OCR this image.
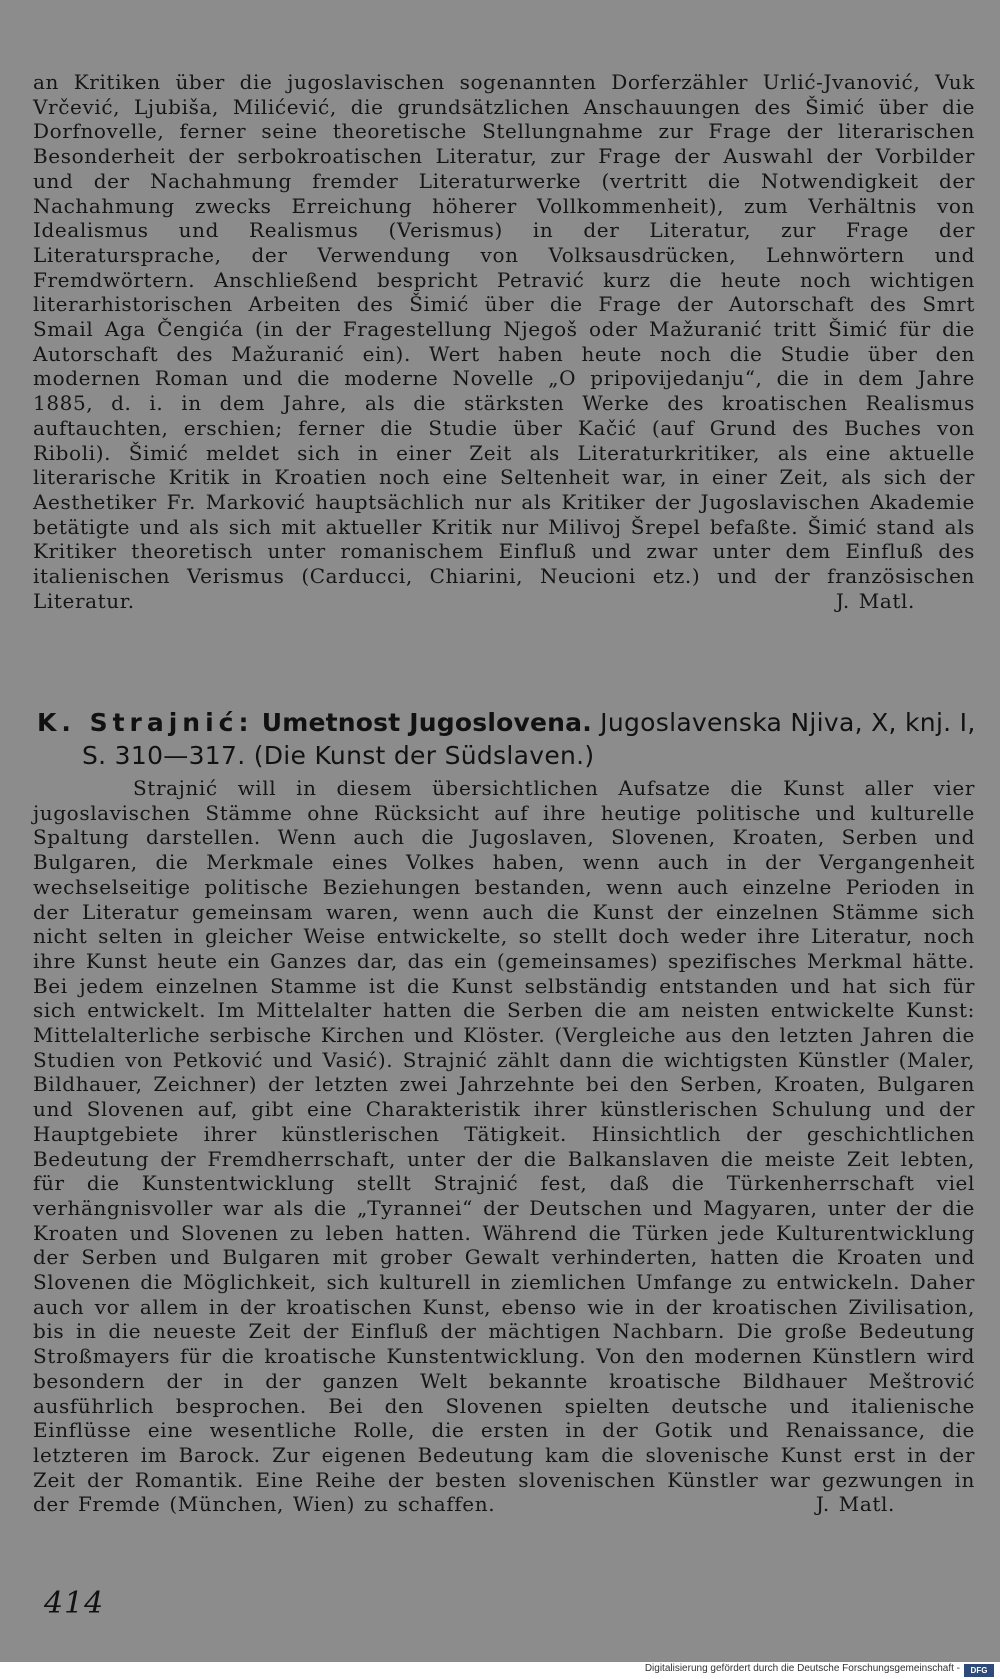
an Kritiken über die jugoslavischen sogenannten Dorferzähler Urlić-Jvanović, Vuk Vrčević, Ljubiša, Milićević, die grundsätzlichen Anschauungen des Šimić über die Dorfnovelle, ferner seine theoretische Stellungnahme zur Frage der literarischen Besonderheit der serbokroatischen Literatur, zur Frage der Auswahl der Vorbilder und der Nachahmung fremder Literaturwerke (vertritt die Notwendigkeit der Nachahmung zwecks Erreichung höherer Vollkommenheit), zum Verhältnis von Idealismus und Realismus (Verismus) in der Literatur, zur Frage der Literatursprache, der Verwendung von Volksausdrücken, Lehnwörtern und Fremdwörtern. Anschließend bespricht Petravić kurz die heute noch wichtigen literarhistorischen Arbeiten des Šimić über die Frage der Autorschaft des Smrt Smail Aga Čengića (in der Fragestellung Njegoš oder Mažuranić tritt Šimić für die Autorschaft des Mažuranić ein). Wert haben heute noch die Studie über den modernen Roman und die moderne Novelle „O pripovijedanju“, die in dem Jahre 1885, d. i. in dem Jahre, als die stärksten Werke des kroatischen Realismus auftauchten, erschien; ferner die Studie über Kačić (auf Grund des Buches von Riboli). Šimić meldet sich in einer Zeit als Literaturkritiker, als eine aktuelle literarische Kritik in Kroatien noch eine Seltenheit war, in einer Zeit, als sich der Aesthetiker Fr. Marković hauptsächlich nur als Kritiker der Jugoslavischen Akademie betätigte und als sich mit aktueller Kritik nur Milivoj Šrepel befaßte. Šimić stand als Kritiker theoretisch unter romanischem Einfluß und zwar unter dem Einfluß des italienischen Verismus (Carducci, Chiarini, Neucioni etz.) und der französischen Literatur.	J. Matl.

K. Strajnić: Umetnost Jugoslovena. Jugoslavenska Njiva, X, knj. I,
S. 310—317. (Die Kunst der Südslaven.)

Strajnić will in diesem übersichtlichen Aufsatze die Kunst aller vier jugoslavischen Stämme ohne Rücksicht auf ihre heutige politische und kulturelle Spaltung darstellen. Wenn auch die Jugoslaven, Slovenen, Kroaten, Serben und Bulgaren, die Merkmale eines Volkes haben, wenn auch in der Vergangenheit wechselseitige politische Beziehungen bestanden, wenn auch einzelne Perioden in der Literatur gemeinsam waren, wenn auch die Kunst der einzelnen Stämme sich nicht selten in gleicher Weise entwickelte, so stellt doch weder ihre Literatur, noch ihre Kunst heute ein Ganzes dar, das ein (gemeinsames) spezifisches Merkmal hätte. Bei jedem einzelnen Stamme ist die Kunst selbständig entstanden und hat sich für sich entwickelt. Im Mittelalter hatten die Serben die am neisten entwickelte Kunst: Mittelalterliche serbische Kirchen und Klöster. (Vergleiche aus den letzten Jahren die Studien von Petković und Vasić). Strajnić zählt dann die wichtigsten Künstler (Maler, Bildhauer, Zeichner) der letzten zwei Jahrzehnte bei den Serben, Kroaten, Bulgaren und Slovenen auf, gibt eine Charakteristik ihrer künstlerischen Schulung und der Hauptgebiete ihrer künstlerischen Tätigkeit. Hinsichtlich der geschichtlichen Bedeutung der Fremdherrschaft, unter der die Balkanslaven die meiste Zeit lebten, für die Kunstentwicklung stellt Strajnić fest, daß die Türkenherrschaft viel verhängnisvoller war als die „Tyrannei“ der Deutschen und Magyaren, unter der die Kroaten und Slovenen zu leben hatten. Während die Türken jede Kulturentwicklung der Serben und Bulgaren mit grober Gewalt verhinderten, hatten die Kroaten und Slovenen die Möglichkeit, sich kulturell in ziemlichen Umfange zu entwickeln. Daher auch vor allem in der kroatischen Kunst, ebenso wie in der kroatischen Zivilisation, bis in die neueste Zeit der Einfluß der mächtigen Nachbarn. Die große Bedeutung Stroßmayers für die kroatische Kunstentwicklung. Von den modernen Künstlern wird besondern der in der ganzen Welt bekannte kroatische Bildhauer Meštrović ausführlich besprochen. Bei den Slovenen spielten deutsche und italienische Einflüsse eine wesentliche Rolle, die ersten in der Gotik und Renaissance, die letzteren im Barock. Zur eigenen Bedeutung kam die slovenische Kunst erst in der Zeit der Romantik. Eine Reihe der besten slovenischen Künstler war gezwungen in der Fremde (München, Wien) zu schaffen.	J. Matl.

414
Digitalisierung gefördert durch die Deutsche Forschungsgemeinschaft -	DFG
